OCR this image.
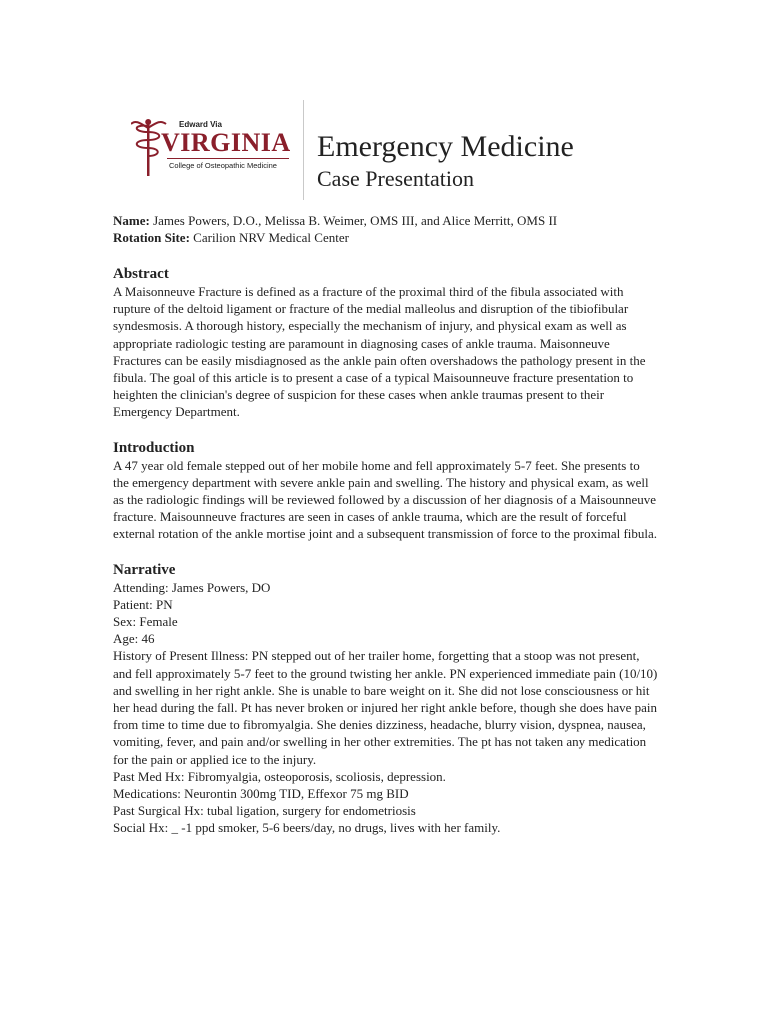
Edward Via
VIRGINIA
College of Osteopathic Medicine
Emergency Medicine
Case Presentation
Name: James Powers, D.O., Melissa B. Weimer, OMS III, and Alice Merritt, OMS II
Rotation Site: Carilion NRV Medical Center
Abstract

A Maisonneuve Fracture is defined as a fracture of the proximal third of the fibula associated with rupture of the deltoid ligament or fracture of the medial malleolus and disruption of the tibiofibular syndesmosis. A thorough history, especially the mechanism of injury, and physical exam as well as appropriate radiologic testing are paramount in diagnosing cases of ankle trauma. Maisonneuve Fractures can be easily misdiagnosed as the ankle pain often overshadows the pathology present in the fibula. The goal of this article is to present a case of a typical Maisounneuve fracture presentation to heighten the clinician's degree of suspicion for these cases when ankle traumas present to their Emergency Department.

Introduction

A 47 year old female stepped out of her mobile home and fell approximately 5-7 feet. She presents to the emergency department with severe ankle pain and swelling. The history and physical exam, as well as the radiologic findings will be reviewed followed by a discussion of her diagnosis of a Maisounneuve fracture. Maisounneuve fractures are seen in cases of ankle trauma, which are the result of forceful external rotation of the ankle mortise joint and a subsequent transmission of force to the proximal fibula.

Narrative
Attending: James Powers, DO
Patient: PN
Sex: Female
Age: 46

History of Present Illness: PN stepped out of her trailer home, forgetting that a stoop was not present, and fell approximately 5-7 feet to the ground twisting her ankle. PN experienced immediate pain (10/10) and swelling in her right ankle. She is unable to bare weight on it. She did not lose consciousness or hit her head during the fall. Pt has never broken or injured her right ankle before, though she does have pain from time to time due to fibromyalgia. She denies dizziness, headache, blurry vision, dyspnea, nausea, vomiting, fever, and pain and/or swelling in her other extremities. The pt has not taken any medication for the pain or applied ice to the injury.

Past Med Hx: Fibromyalgia, osteoporosis, scoliosis, depression.
Medications: Neurontin 300mg TID, Effexor 75 mg BID
Past Surgical Hx: tubal ligation, surgery for endometriosis
Social Hx: _ -1 ppd smoker, 5-6 beers/day, no drugs, lives with her family.
